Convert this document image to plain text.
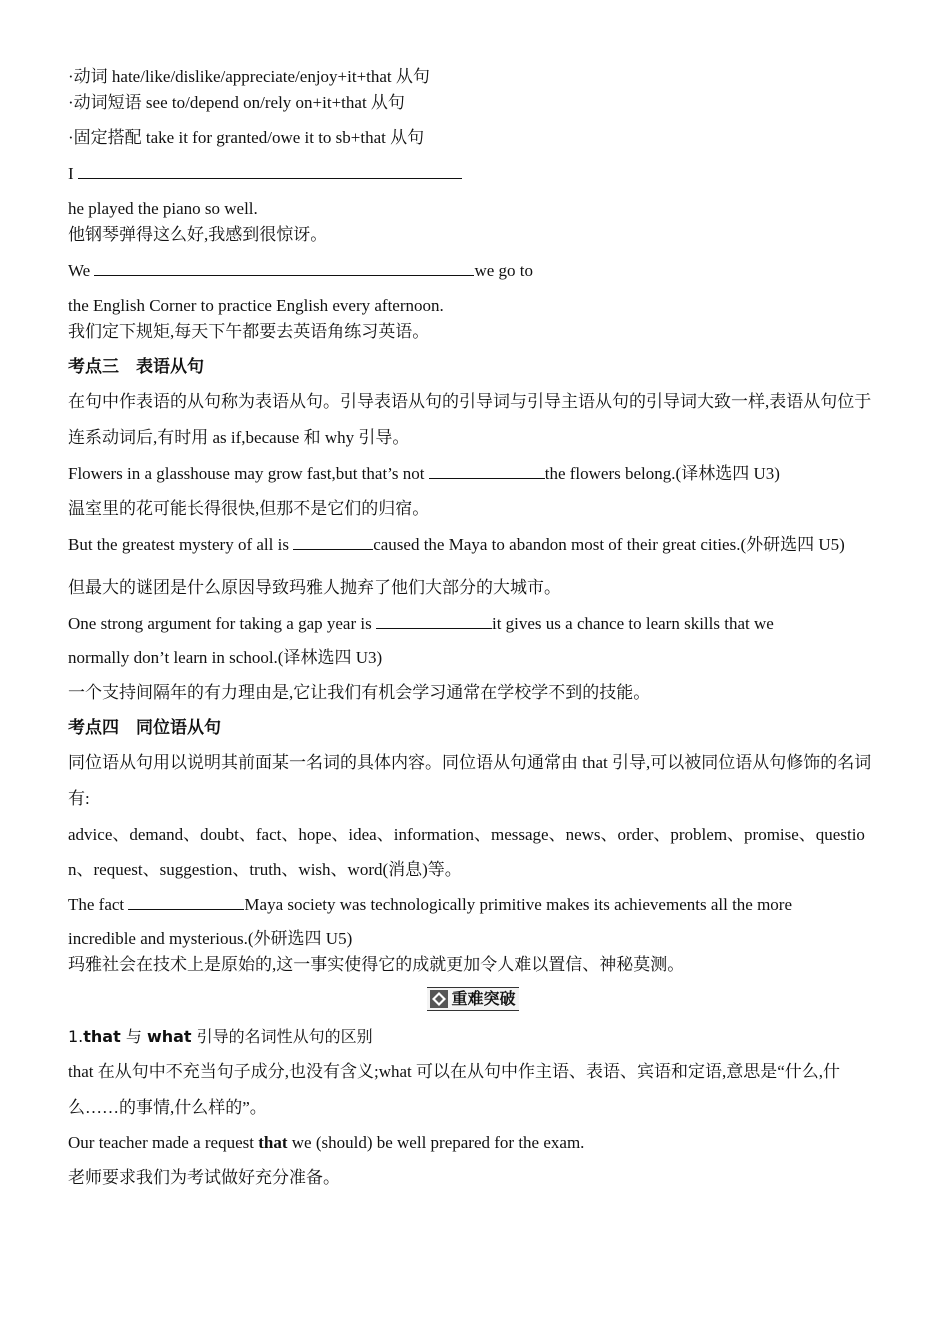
·动词 hate/like/dislike/appreciate/enjoy+it+that 从句

·动词短语 see to/depend on/rely on+it+that 从句

·固定搭配 take it for granted/owe it to sb+that 从句

I

he played the piano so well.

他钢琴弹得这么好,我感到很惊讶。

We	we go to

the English Corner to practice English every afternoon.

我们定下规矩,每天下午都要去英语角练习英语。

考点三　表语从句

在句中作表语的从句称为表语从句。引导表语从句的引导词与引导主语从句的引导词大致一样,表语从句位于连系动词后,有时用 as if,because 和 why 引导。

Flowers in a glasshouse may grow fast,but that’s not	the flowers belong.(译林选四 U3)

温室里的花可能长得很快,但那不是它们的归宿。

But the greatest mystery of all is	caused the Maya to abandon most of their great cities.(外研选四 U5)

但最大的谜团是什么原因导致玛雅人抛弃了他们大部分的大城市。

One strong argument for taking a gap year is	it gives us a chance to learn skills that we

normally don’t learn in school.(译林选四 U3)

一个支持间隔年的有力理由是,它让我们有机会学习通常在学校学不到的技能。

考点四　同位语从句

同位语从句用以说明其前面某一名词的具体内容。同位语从句通常由 that 引导,可以被同位语从句修饰的名词有:

advice、demand、doubt、fact、hope、idea、information、message、news、order、problem、promise、question、request、suggestion、truth、wish、word(消息)等。

The fact	Maya society was technologically primitive makes its achievements all the more

incredible and mysterious.(外研选四 U5)

玛雅社会在技术上是原始的,这一事实使得它的成就更加令人难以置信、神秘莫测。

重难突破

1.that 与 what 引导的名词性从句的区别

that 在从句中不充当句子成分,也没有含义;what 可以在从句中作主语、表语、宾语和定语,意思是“什么,什么……的事情,什么样的”。

Our teacher made a request that we (should) be well prepared for the exam.

老师要求我们为考试做好充分准备。
